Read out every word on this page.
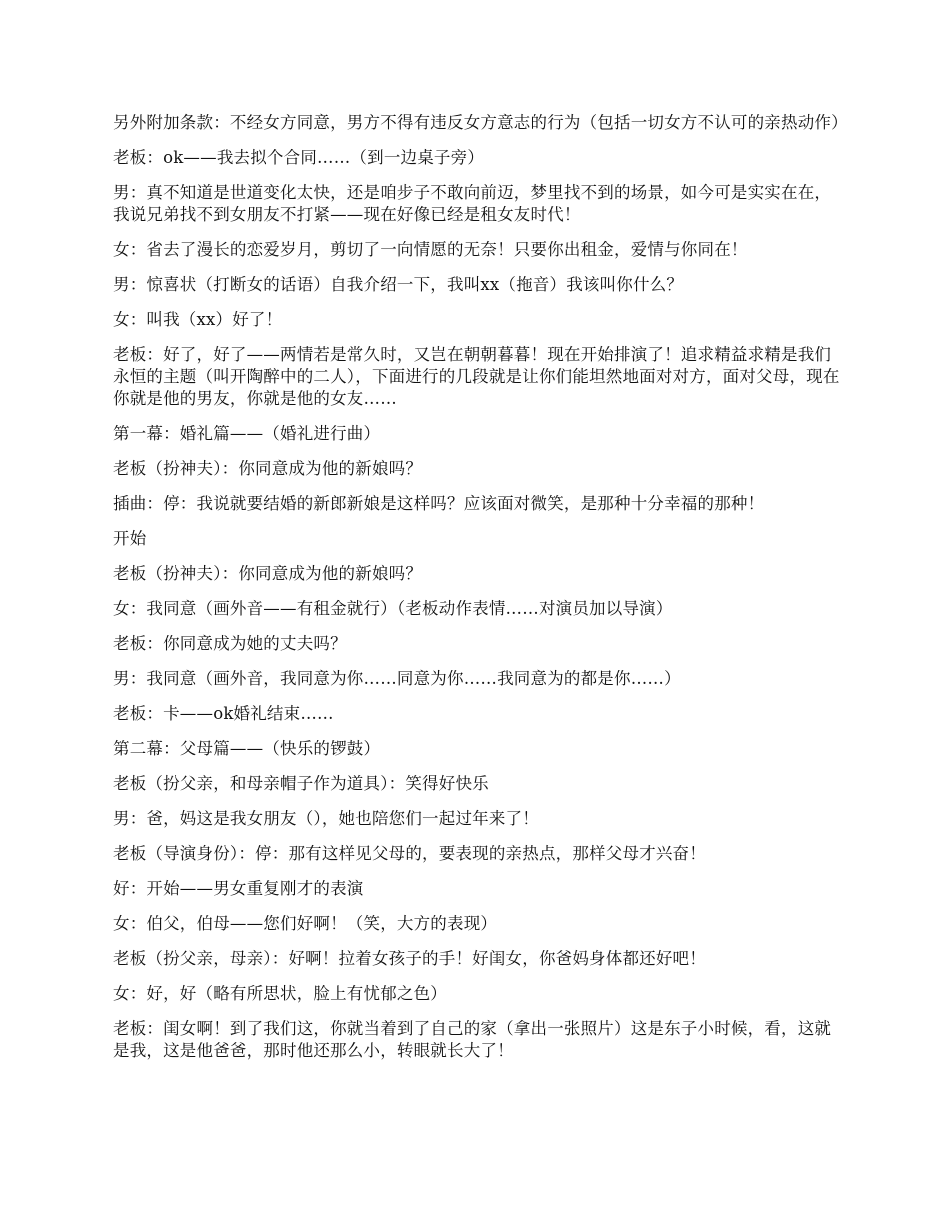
另外附加条款：不经女方同意，男方不得有违反女方意志的行为（包括一切女方不认可的亲热动作）

老板：ok——我去拟个合同……（到一边桌子旁）

男：真不知道是世道变化太快，还是咱步子不敢向前迈，梦里找不到的场景，如今可是实实在在，我说兄弟找不到女朋友不打紧——现在好像已经是租女友时代！

女：省去了漫长的恋爱岁月，剪切了一向情愿的无奈！只要你出租金，爱情与你同在！

男：惊喜状（打断女的话语）自我介绍一下，我叫xx（拖音）我该叫你什么？

女：叫我（xx）好了！

老板：好了，好了——两情若是常久时，又岂在朝朝暮暮！现在开始排演了！追求精益求精是我们永恒的主题（叫开陶醉中的二人），下面进行的几段就是让你们能坦然地面对对方，面对父母，现在你就是他的男友，你就是他的女友……

第一幕：婚礼篇——（婚礼进行曲）

老板（扮神夫）：你同意成为他的新娘吗？

插曲：停：我说就要结婚的新郎新娘是这样吗？应该面对微笑，是那种十分幸福的那种！

开始

老板（扮神夫）：你同意成为他的新娘吗？

女：我同意（画外音——有租金就行）（老板动作表情……对演员加以导演）

老板：你同意成为她的丈夫吗？

男：我同意（画外音，我同意为你……同意为你……我同意为的都是你……）

老板：卡——ok婚礼结束……

第二幕：父母篇——（快乐的锣鼓）

老板（扮父亲，和母亲帽子作为道具）：笑得好快乐

男：爸，妈这是我女朋友（），她也陪您们一起过年来了！

老板（导演身份）：停：那有这样见父母的，要表现的亲热点，那样父母才兴奋！

好：开始——男女重复刚才的表演

女：伯父，伯母——您们好啊！（笑，大方的表现）

老板（扮父亲，母亲）：好啊！拉着女孩子的手！好闺女，你爸妈身体都还好吧！

女：好，好（略有所思状，脸上有忧郁之色）

老板：闺女啊！到了我们这，你就当着到了自己的家（拿出一张照片）这是东子小时候，看，这就是我，这是他爸爸，那时他还那么小，转眼就长大了！
